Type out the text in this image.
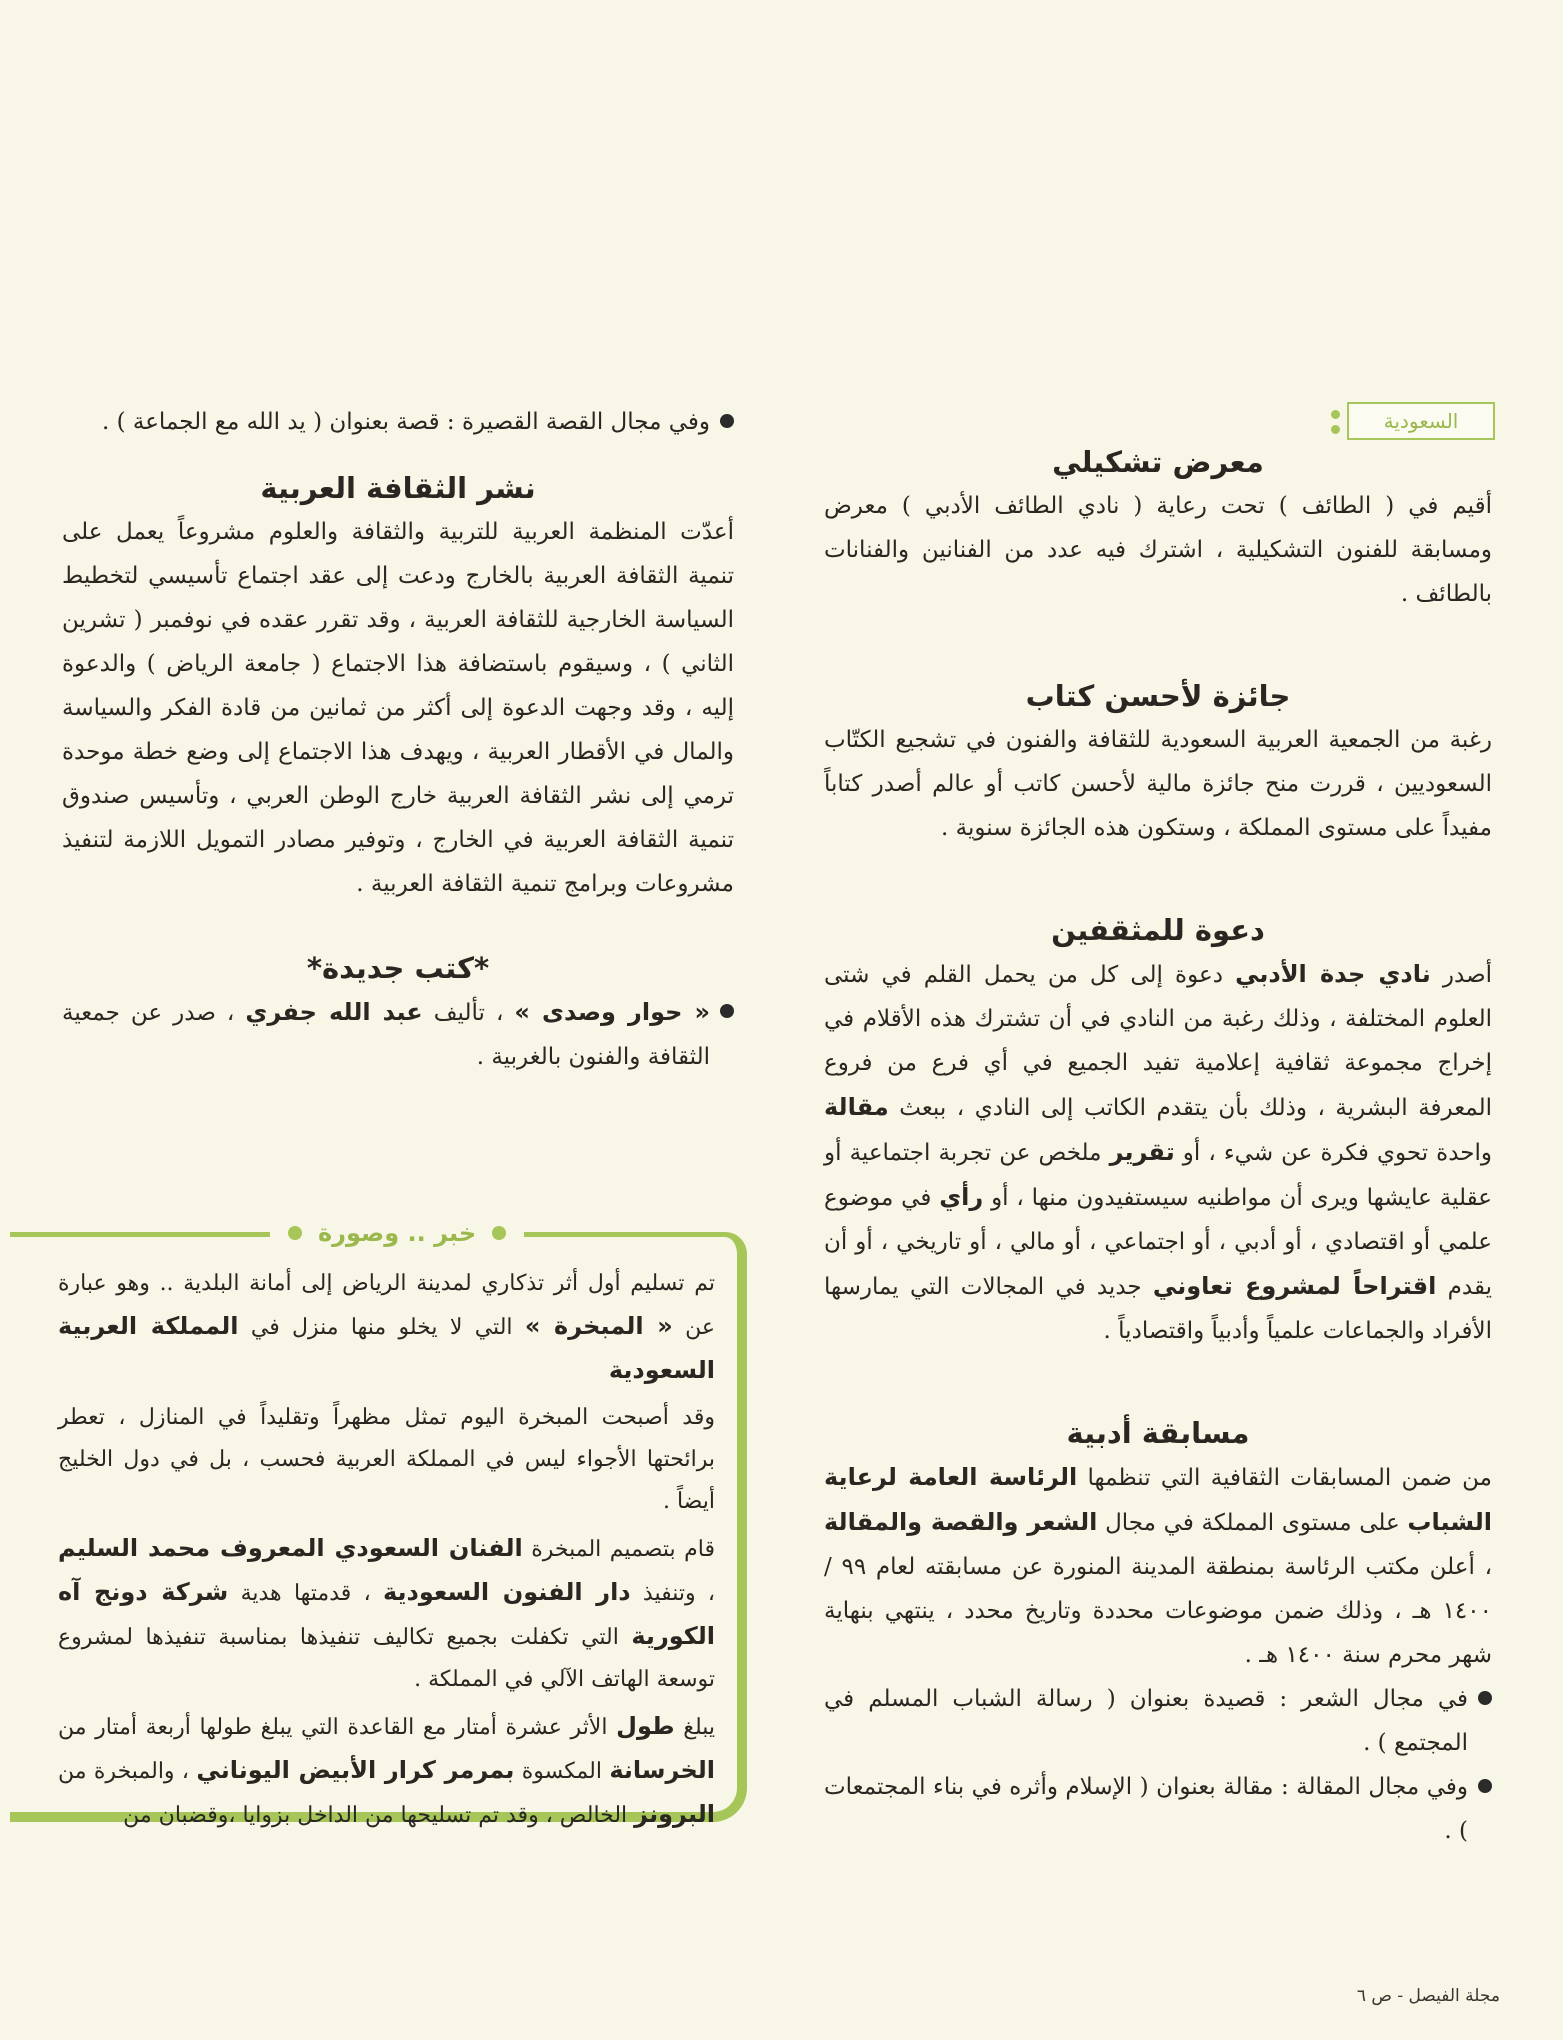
السعودية
معرض تشكيلي

أقيم في ( الطائف ) تحت رعاية ( نادي الطائف الأدبي ) معرض ومسابقة للفنون التشكيلية ، اشترك فيه عدد من الفنانين والفنانات بالطائف .

جائزة لأحسن كتاب

رغبة من الجمعية العربية السعودية للثقافة والفنون في تشجيع الكتّاب السعوديين ، قررت منح جائزة مالية لأحسن كاتب أو عالم أصدر كتاباً مفيداً على مستوى المملكة ، وستكون هذه الجائزة سنوية .

دعوة للمثقفين

أصدر نادي جدة الأدبي دعوة إلى كل من يحمل القلم في شتى العلوم المختلفة ، وذلك رغبة من النادي في أن تشترك هذه الأقلام في إخراج مجموعة ثقافية إعلامية تفيد الجميع في أي فرع من فروع المعرفة البشرية ، وذلك بأن يتقدم الكاتب إلى النادي ، ببعث مقالة واحدة تحوي فكرة عن شيء ، أو تقرير ملخص عن تجربة اجتماعية أو عقلية عايشها ويرى أن مواطنيه سيستفيدون منها ، أو رأي في موضوع علمي أو اقتصادي ، أو أدبي ، أو اجتماعي ، أو مالي ، أو تاريخي ، أو أن يقدم اقتراحاً لمشروع تعاوني جديد في المجالات التي يمارسها الأفراد والجماعات علمياً وأدبياً واقتصادياً .

مسابقة أدبية

من ضمن المسابقات الثقافية التي تنظمها الرئاسة العامة لرعاية الشباب على مستوى المملكة في مجال الشعر والقصة والمقالة ، أعلن مكتب الرئاسة بمنطقة المدينة المنورة عن مسابقته لعام ٩٩ / ١٤٠٠ هـ ، وذلك ضمن موضوعات محددة وتاريخ محدد ، ينتهي بنهاية شهر محرم سنة ١٤٠٠ هـ .

في مجال الشعر : قصيدة بعنوان ( رسالة الشباب المسلم في المجتمع ) .

وفي مجال المقالة : مقالة بعنوان ( الإسلام وأثره في بناء المجتمعات ) .

وفي مجال القصة القصيرة : قصة بعنوان ( يد الله مع الجماعة ) .

نشر الثقافة العربية

أعدّت المنظمة العربية للتربية والثقافة والعلوم مشروعاً يعمل على تنمية الثقافة العربية بالخارج ودعت إلى عقد اجتماع تأسيسي لتخطيط السياسة الخارجية للثقافة العربية ، وقد تقرر عقده في نوفمبر ( تشرين الثاني ) ، وسيقوم باستضافة هذا الاجتماع ( جامعة الرياض ) والدعوة إليه ، وقد وجهت الدعوة إلى أكثر من ثمانين من قادة الفكر والسياسة والمال في الأقطار العربية ، ويهدف هذا الاجتماع إلى وضع خطة موحدة ترمي إلى نشر الثقافة العربية خارج الوطن العربي ، وتأسيس صندوق تنمية الثقافة العربية في الخارج ، وتوفير مصادر التمويل اللازمة لتنفيذ مشروعات وبرامج تنمية الثقافة العربية .

*كتب جديدة*

« حوار وصدى » ، تأليف عبد الله جفري ، صدر عن جمعية الثقافة والفنون بالغربية .

خبر .. وصورة

تم تسليم أول أثر تذكاري لمدينة الرياض إلى أمانة البلدية .. وهو عبارة عن « المبخرة » التي لا يخلو منها منزل في المملكة العربية السعودية

وقد أصبحت المبخرة اليوم تمثل مظهراً وتقليداً في المنازل ، تعطر برائحتها الأجواء ليس في المملكة العربية فحسب ، بل في دول الخليج أيضاً .

قام بتصميم المبخرة الفنان السعودي المعروف محمد السليم ، وتنفيذ دار الفنون السعودية ، قدمتها هدية شركة دونج آه الكورية التي تكفلت بجميع تكاليف تنفيذها بمناسبة تنفيذها لمشروع توسعة الهاتف الآلي في المملكة .

يبلغ طول الأثر عشرة أمتار مع القاعدة التي يبلغ طولها أربعة أمتار من الخرسانة المكسوة بمرمر كرار الأبيض اليوناني ، والمبخرة من البرونز الخالص ، وقد تم تسليحها من الداخل بزوايا ،وقضبان من

مجلة الفيصل - ص ٦
